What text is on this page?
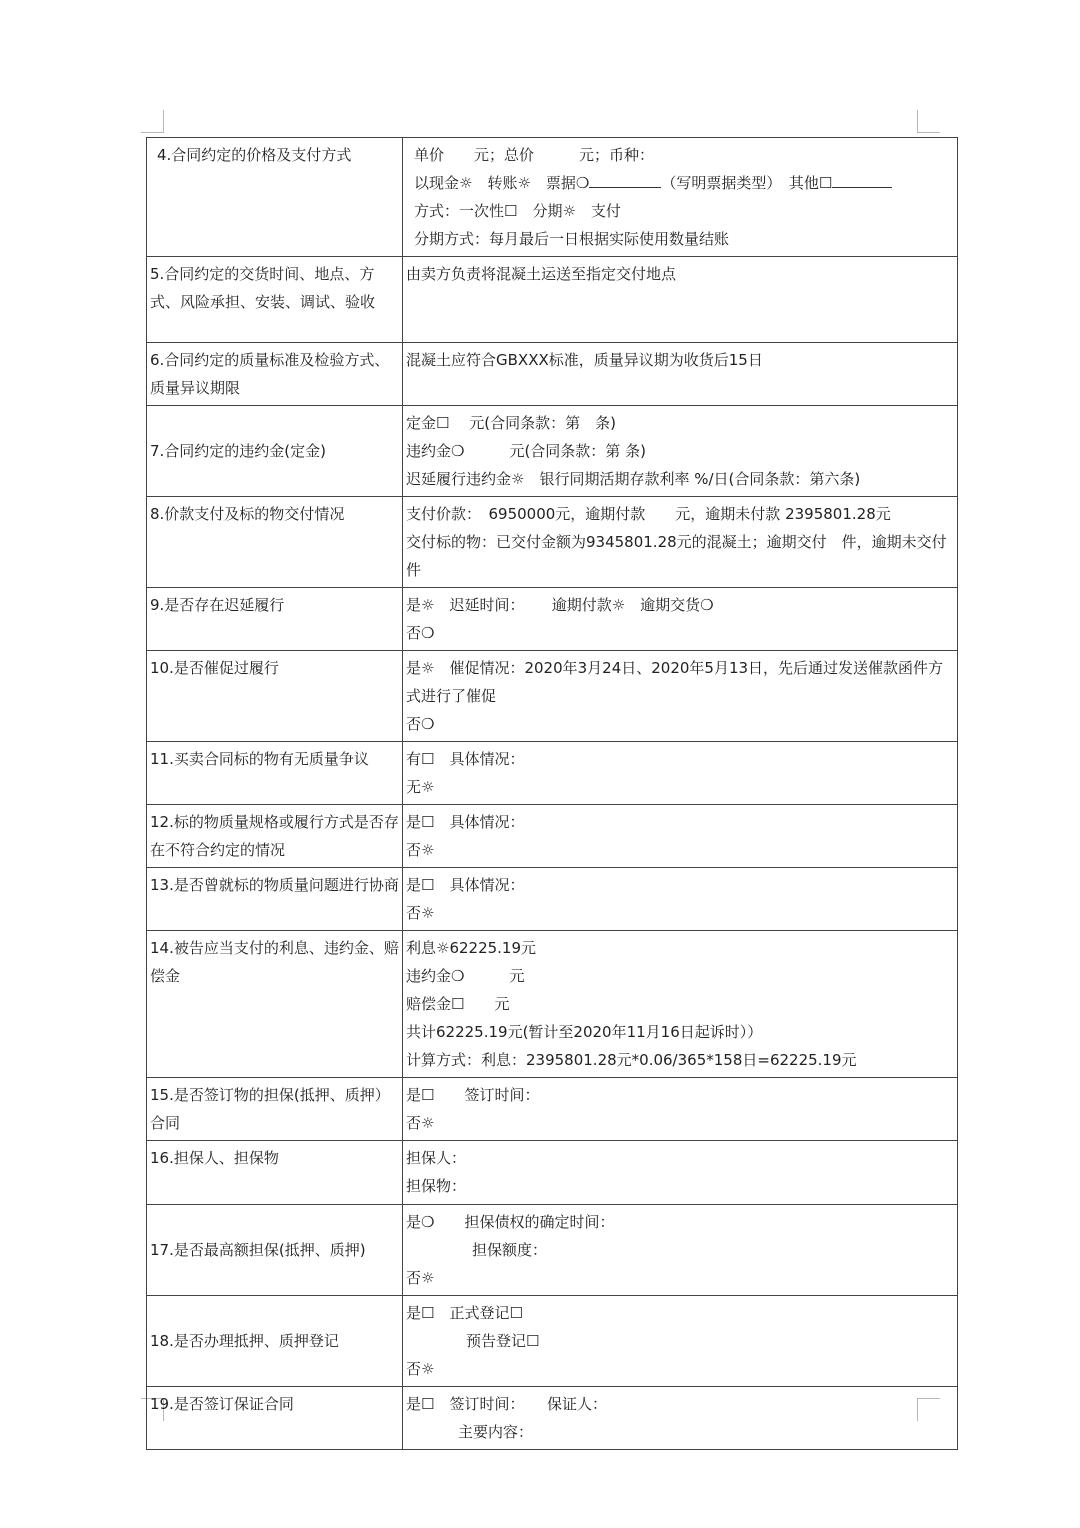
4.合同约定的价格及支付方式	单价　　元；总价　　　元；币种：
以现金☼　转账☼　票据❍ （写明票据类型）　其他☐
方式：一次性☐　分期☼　支付
分期方式：每月最后一日根据实际使用数量结账

5.合同约定的交货时间、地点、方式、风险承担、安装、调试、验收	由卖方负责将混凝土运送至指定交付地点

6.合同约定的质量标准及检验方式、质量异议期限	混凝土应符合GBXXX标准，质量异议期为收货后15日

7.合同约定的违约金(定金)	定金☐　 元(合同条款：第　条)
违约金❍　　　元(合同条款：第 条)
迟延履行违约金☼　银行同期活期存款利率 %/日(合同条款：第六条)

8.价款支付及标的物交付情况	支付价款：　6950000元，逾期付款　　元，逾期未付款 2395801.28元
交付标的物：已交付金额为9345801.28元的混凝土；逾期交付　件，逾期未交付　件

9.是否存在迟延履行	是☼　迟延时间：　　 逾期付款☼　逾期交货❍
否❍

10.是否催促过履行	是☼　催促情况：2020年3月24日、2020年5月13日，先后通过发送催款函件方式进行了催促
否❍

11.买卖合同标的物有无质量争议	有☐　具体情况：
无☼

12.标的物质量规格或履行方式是否存在不符合约定的情况	是☐　具体情况：
否☼

13.是否曾就标的物质量问题进行协商	是☐　具体情况：
否☼

14.被告应当支付的利息、违约金、赔偿金	利息☼62225.19元
违约金❍　　　元
赔偿金☐　　元
共计62225.19元(暂计至2020年11月16日起诉时））
计算方式：利息：2395801.28元*0.06/365*158日=62225.19元

15.是否签订物的担保(抵押、质押）合同	是☐　　签订时间：
否☼

16.担保人、担保物	担保人：
担保物：

17.是否最高额担保(抵押、质押)	是❍　　担保债权的确定时间：
担保额度：
否☼

18.是否办理抵押、质押登记	是☐　正式登记☐
预告登记☐
否☼

19.是否签订保证合同	是☐　签订时间：　　保证人：
主要内容：
